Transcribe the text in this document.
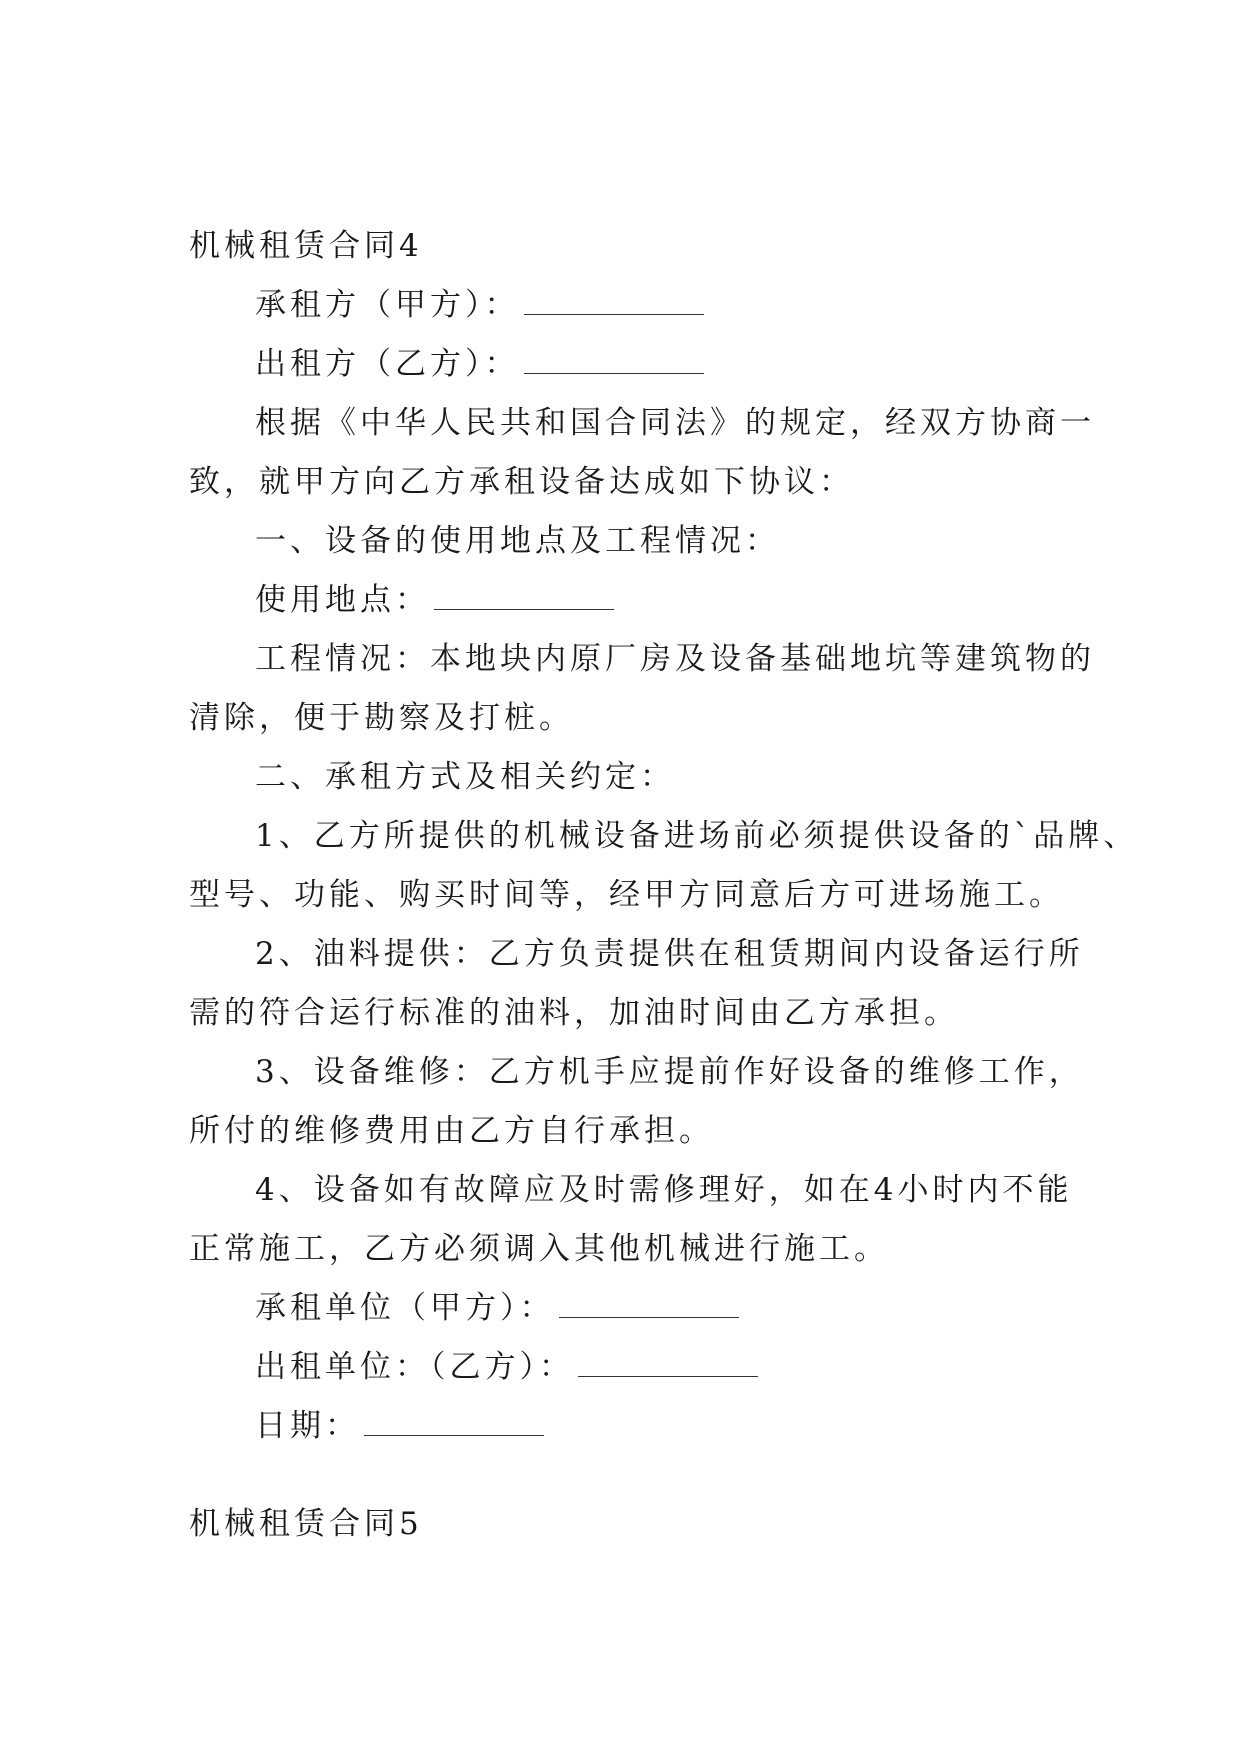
机械租赁合同4
承租方（甲方）：
出租方（乙方）：
根据《中华人民共和国合同法》的规定，经双方协商一
致，就甲方向乙方承租设备达成如下协议：
一、设备的使用地点及工程情况：
使用地点：
工程情况：本地块内原厂房及设备基础地坑等建筑物的
清除，便于勘察及打桩。
二、承租方式及相关约定：
1、乙方所提供的机械设备进场前必须提供设备的`品牌、
型号、功能、购买时间等，经甲方同意后方可进场施工。
2、油料提供：乙方负责提供在租赁期间内设备运行所
需的符合运行标准的油料，加油时间由乙方承担。
3、设备维修：乙方机手应提前作好设备的维修工作，
所付的维修费用由乙方自行承担。
4、设备如有故障应及时需修理好，如在4小时内不能
正常施工，乙方必须调入其他机械进行施工。
承租单位（甲方）：
出租单位：（乙方）：
日期：
机械租赁合同5
